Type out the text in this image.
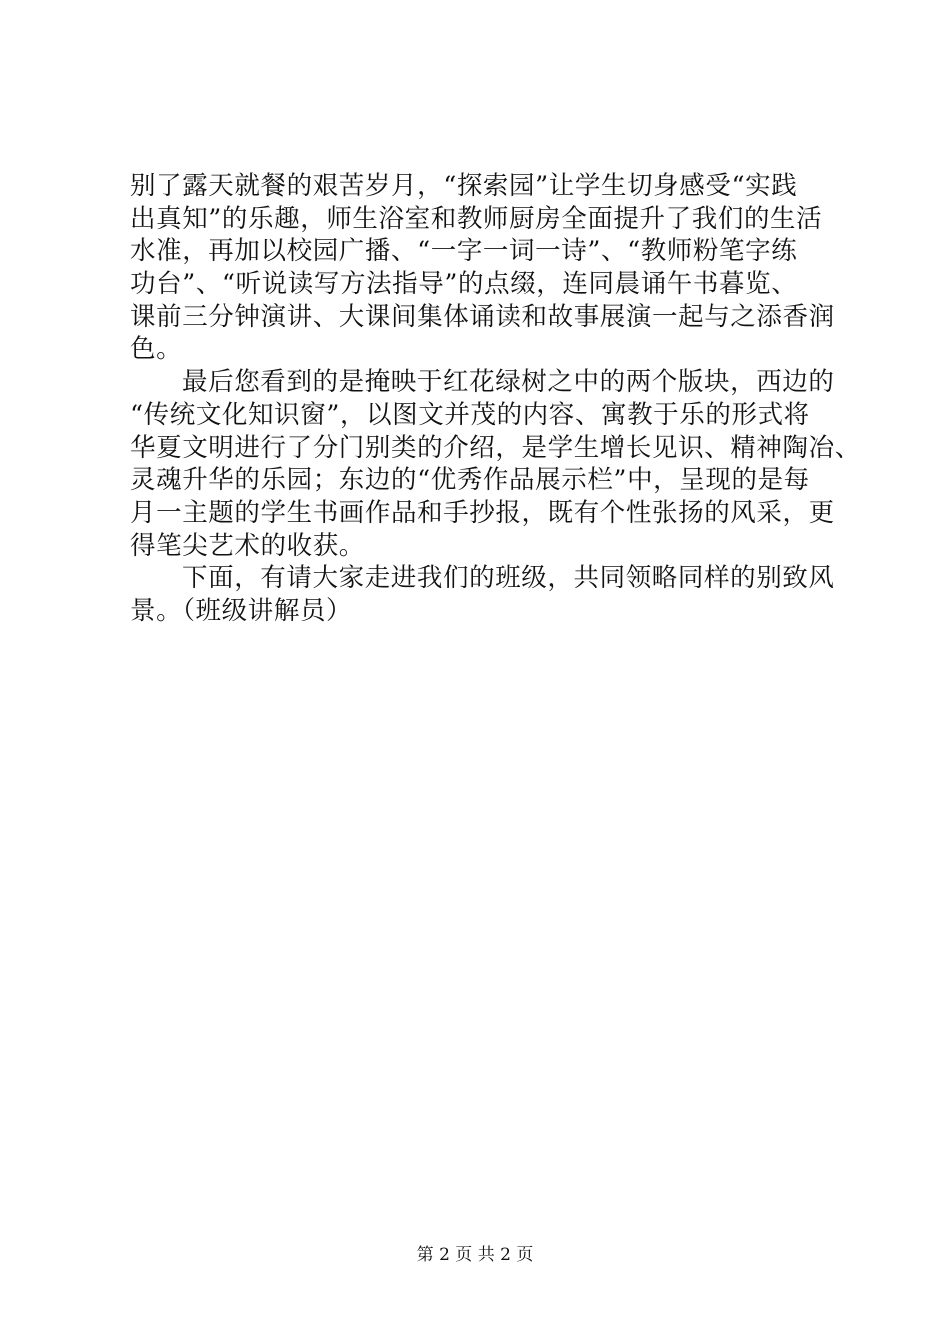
别了露天就餐的艰苦岁月，“探索园”让学生切身感受“实践
出真知”的乐趣，师生浴室和教师厨房全面提升了我们的生活
水准，再加以校园广播、“一字一词一诗”、“教师粉笔字练
功台”、“听说读写方法指导”的点缀，连同晨诵午书暮览、
课前三分钟演讲、大课间集体诵读和故事展演一起与之添香润
色。
最后您看到的是掩映于红花绿树之中的两个版块，西边的
“传统文化知识窗”，以图文并茂的内容、寓教于乐的形式将
华夏文明进行了分门别类的介绍，是学生增长见识、精神陶冶、
灵魂升华的乐园；东边的“优秀作品展示栏”中，呈现的是每
月一主题的学生书画作品和手抄报，既有个性张扬的风采，更
得笔尖艺术的收获。
下面，有请大家走进我们的班级，共同领略同样的别致风
景。（班级讲解员）
第 2 页 共 2 页
